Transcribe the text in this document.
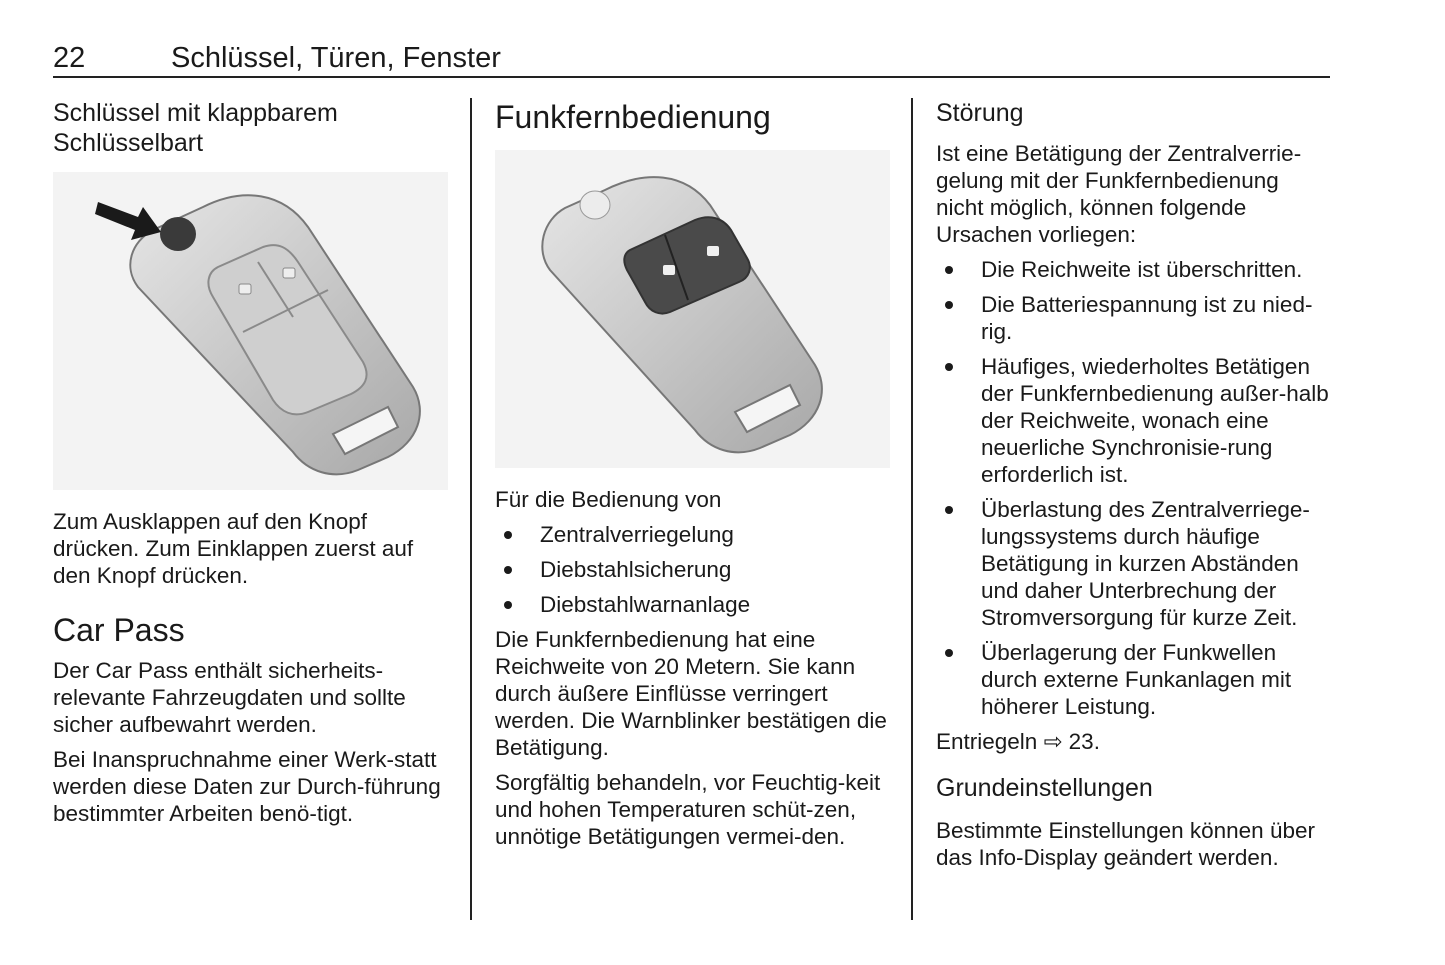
22	Schlüssel, Türen, Fenster
Schlüssel mit klappbarem Schlüsselbart

Zum Ausklappen auf den Knopf drücken. Zum Einklappen zuerst auf den Knopf drücken.

Car Pass

Der Car Pass enthält sicherheits-relevante Fahrzeugdaten und sollte sicher aufbewahrt werden.

Bei Inanspruchnahme einer Werk-statt werden diese Daten zur Durch-führung bestimmter Arbeiten benö-tigt.

Funkfernbedienung

Für die Bedienung von

Zentralverriegelung
Diebstahlsicherung
Diebstahlwarnanlage

Die Funkfernbedienung hat eine Reichweite von 20 Metern. Sie kann durch äußere Einflüsse verringert werden. Die Warnblinker bestätigen die Betätigung.

Sorgfältig behandeln, vor Feuchtig-keit und hohen Temperaturen schüt-zen, unnötige Betätigungen vermei-den.

Störung

Ist eine Betätigung der Zentralverrie-gelung mit der Funkfernbedienung nicht möglich, können folgende Ursachen vorliegen:

Die Reichweite ist überschritten.
Die Batteriespannung ist zu nied-rig.
Häufiges, wiederholtes Betätigen der Funkfernbedienung außer-halb der Reichweite, wonach eine neuerliche Synchronisie-rung erforderlich ist.
Überlastung des Zentralverriege-lungssystems durch häufige Betätigung in kurzen Abständen und daher Unterbrechung der Stromversorgung für kurze Zeit.
Überlagerung der Funkwellen durch externe Funkanlagen mit höherer Leistung.

Entriegeln ⇨ 23.

Grundeinstellungen

Bestimmte Einstellungen können über das Info-Display geändert werden.
